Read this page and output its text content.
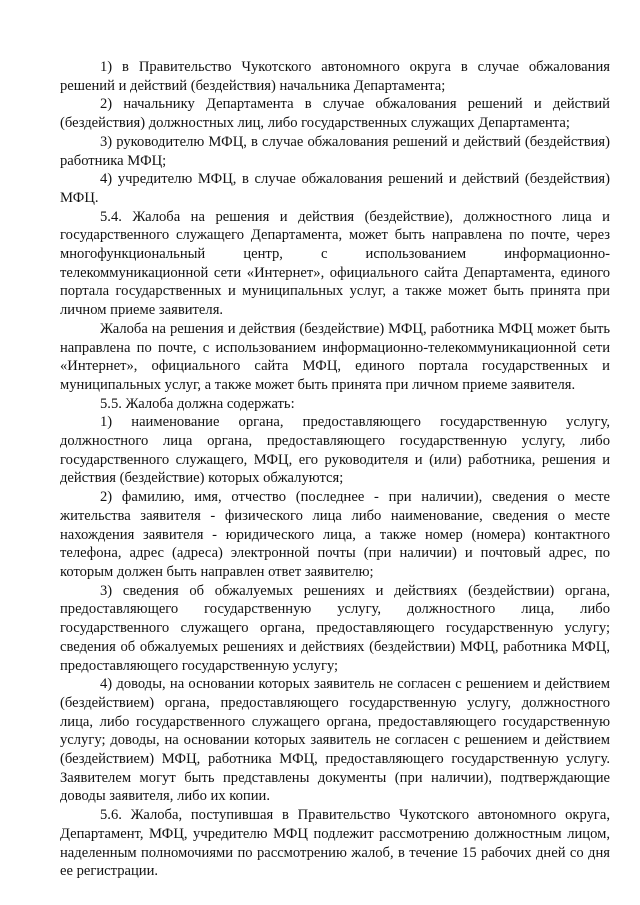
1) в Правительство Чукотского автономного округа в случае обжалования решений и действий (бездействия) начальника Департамента;

2) начальнику Департамента в случае обжалования решений и действий (бездействия) должностных лиц, либо государственных служащих Департамента;

3) руководителю МФЦ, в случае обжалования решений и действий (бездействия) работника МФЦ;

4) учредителю МФЦ, в случае обжалования решений и действий (бездействия) МФЦ.

5.4. Жалоба на решения и действия (бездействие), должностного лица и государственного служащего Департамента, может быть направлена по почте, через многофункциональный центр, с использованием информационно-телекоммуникационной сети «Интернет», официального сайта Департамента, единого портала государственных и муниципальных услуг, а также может быть принята при личном приеме заявителя.

Жалоба на решения и действия (бездействие) МФЦ, работника МФЦ может быть направлена по почте, с использованием информационно-телекоммуникационной сети «Интернет», официального сайта МФЦ, единого портала государственных и муниципальных услуг, а также может быть принята при личном приеме заявителя.

5.5. Жалоба должна содержать:

1) наименование органа, предоставляющего государственную услугу, должностного лица органа, предоставляющего государственную услугу, либо государственного служащего, МФЦ, его руководителя и (или) работника, решения и действия (бездействие) которых обжалуются;

2) фамилию, имя, отчество (последнее - при наличии), сведения о месте жительства заявителя - физического лица либо наименование, сведения о месте нахождения заявителя - юридического лица, а также номер (номера) контактного телефона, адрес (адреса) электронной почты (при наличии) и почтовый адрес, по которым должен быть направлен ответ заявителю;

3) сведения об обжалуемых решениях и действиях (бездействии) органа, предоставляющего государственную услугу, должностного лица, либо государственного служащего органа, предоставляющего государственную услугу; сведения об обжалуемых решениях и действиях (бездействии) МФЦ, работника МФЦ, предоставляющего государственную услугу;

4) доводы, на основании которых заявитель не согласен с решением и действием (бездействием) органа, предоставляющего государственную услугу, должностного лица, либо государственного служащего органа, предоставляющего государственную услугу; доводы, на основании которых заявитель не согласен с решением и действием (бездействием) МФЦ, работника МФЦ, предоставляющего государственную услугу. Заявителем могут быть представлены документы (при наличии), подтверждающие доводы заявителя, либо их копии.

5.6. Жалоба, поступившая в Правительство Чукотского автономного округа, Департамент, МФЦ, учредителю МФЦ подлежит рассмотрению должностным лицом, наделенным полномочиями по рассмотрению жалоб, в течение 15 рабочих дней со дня ее регистрации.
